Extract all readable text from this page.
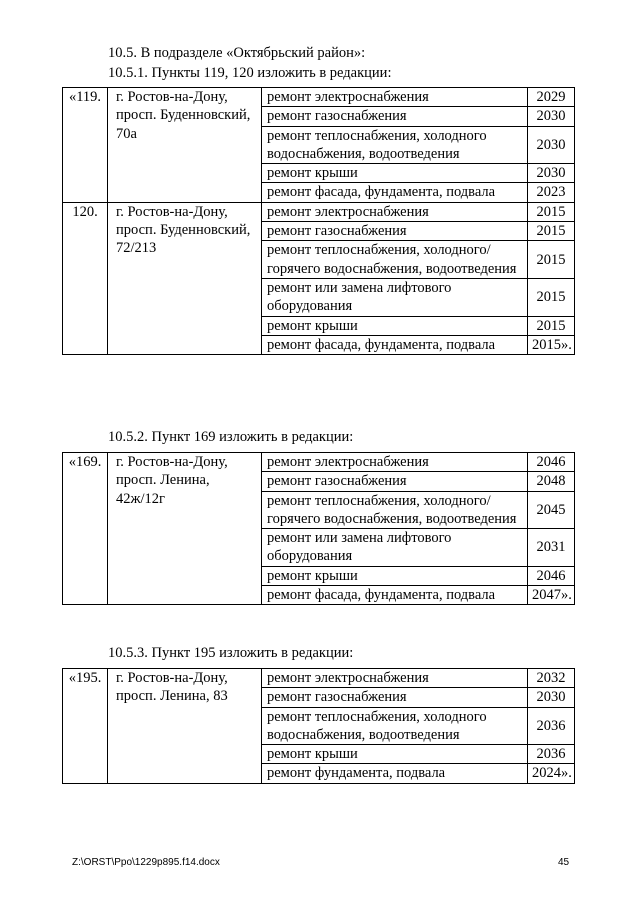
10.5. В подразделе «Октябрьский район»:
10.5.1. Пункты 119, 120 изложить в редакции:
«119.	г. Ростов-на-Дону, просп. Буденновский, 70а	ремонт электроснабжения	2029
		ремонт газоснабжения	2030
		ремонт теплоснабжения, холодного водоснабжения, водоотведения	2030
		ремонт крыши	2030
		ремонт фасада, фундамента, подвала	2023
120.	г. Ростов-на-Дону, просп. Буденновский, 72/213	ремонт электроснабжения	2015
		ремонт газоснабжения	2015
		ремонт теплоснабжения, холодного/горячего водоснабжения, водоотведения	2015
		ремонт или замена лифтового оборудования	2015
		ремонт крыши	2015
		ремонт фасада, фундамента, подвала	2015».
10.5.2. Пункт 169 изложить в редакции:
«169.	г. Ростов-на-Дону, просп. Ленина, 42ж/12г	ремонт электроснабжения	2046
		ремонт газоснабжения	2048
		ремонт теплоснабжения, холодного/горячего водоснабжения, водоотведения	2045
		ремонт или замена лифтового оборудования	2031
		ремонт крыши	2046
		ремонт фасада, фундамента, подвала	2047».
10.5.3. Пункт 195 изложить в редакции:
«195.	г. Ростов-на-Дону, просп. Ленина, 83	ремонт электроснабжения	2032
		ремонт газоснабжения	2030
		ремонт теплоснабжения, холодного водоснабжения, водоотведения	2036
		ремонт крыши	2036
		ремонт фундамента, подвала	2024».
Z:\ORST\Ppo\1229p895.f14.docx	45
